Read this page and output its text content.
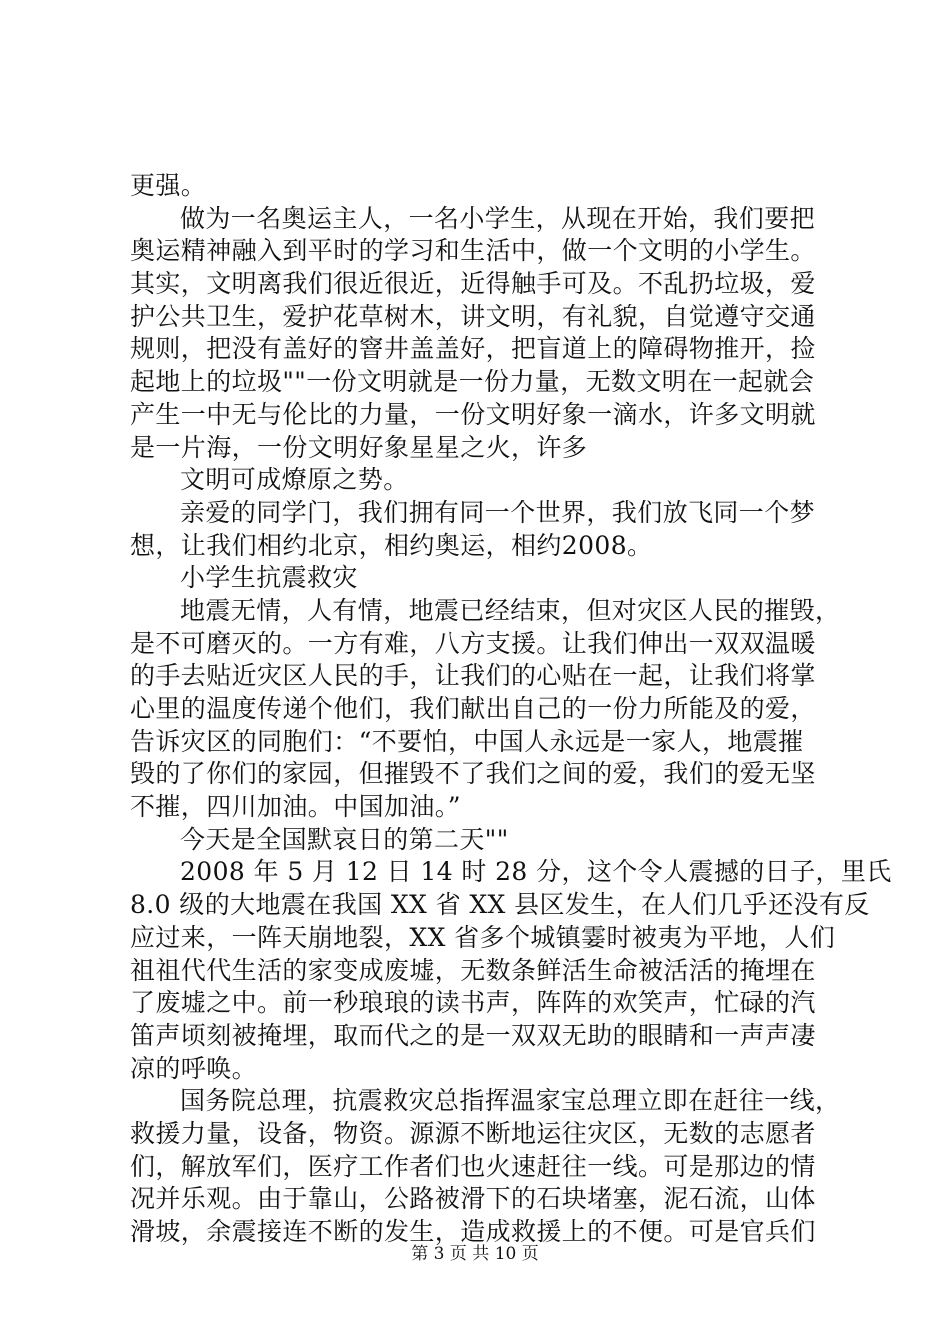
更强。
做为一名奥运主人，一名小学生，从现在开始，我们要把
奥运精神融入到平时的学习和生活中，做一个文明的小学生。
其实，文明离我们很近很近，近得触手可及。不乱扔垃圾，爱
护公共卫生，爱护花草树木，讲文明，有礼貌，自觉遵守交通
规则，把没有盖好的窨井盖盖好，把盲道上的障碍物推开，捡
起地上的垃圾""一份文明就是一份力量，无数文明在一起就会
产生一中无与伦比的力量，一份文明好象一滴水，许多文明就
是一片海，一份文明好象星星之火，许多
文明可成燎原之势。
亲爱的同学门，我们拥有同一个世界，我们放飞同一个梦
想，让我们相约北京，相约奥运，相约2008。
小学生抗震救灾
地震无情，人有情，地震已经结束，但对灾区人民的摧毁，
是不可磨灭的。一方有难，八方支援。让我们伸出一双双温暖
的手去贴近灾区人民的手，让我们的心贴在一起，让我们将掌
心里的温度传递个他们，我们献出自己的一份力所能及的爱，
告诉灾区的同胞们：“不要怕，中国人永远是一家人，地震摧
毁的了你们的家园，但摧毁不了我们之间的爱，我们的爱无坚
不摧，四川加油。中国加油。”
今天是全国默哀日的第二天""
2008 年 5 月 12 日 14 时 28 分，这个令人震撼的日子，里氏
8.0 级的大地震在我国 XX 省 XX 县区发生，在人们几乎还没有反
应过来，一阵天崩地裂，XX 省多个城镇霎时被夷为平地，人们
祖祖代代生活的家变成废墟，无数条鲜活生命被活活的掩埋在
了废墟之中。前一秒琅琅的读书声，阵阵的欢笑声，忙碌的汽
笛声顷刻被掩埋，取而代之的是一双双无助的眼睛和一声声凄
凉的呼唤。
国务院总理，抗震救灾总指挥温家宝总理立即在赶往一线，
救援力量，设备，物资。源源不断地运往灾区，无数的志愿者
们，解放军们，医疗工作者们也火速赶往一线。可是那边的情
况并乐观。由于靠山，公路被滑下的石块堵塞，泥石流，山体
滑坡，余震接连不断的发生，造成救援上的不便。可是官兵们
第 3 页 共 10 页
